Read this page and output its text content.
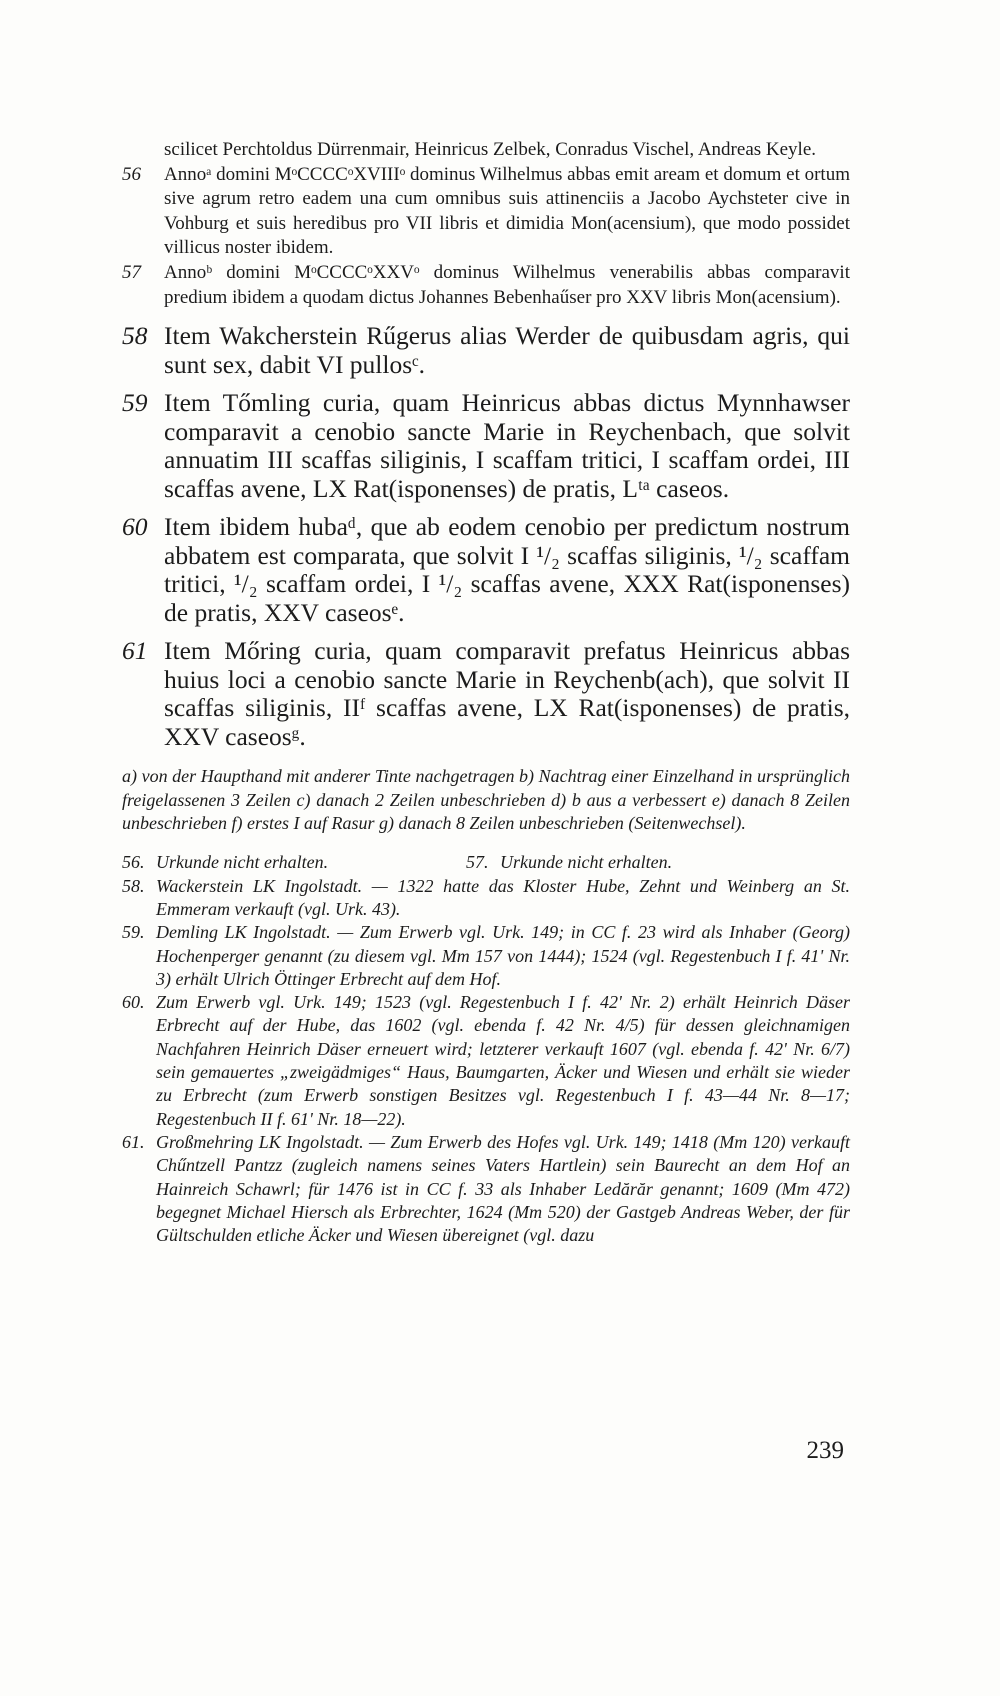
scilicet Perchtoldus Dürrenmair, Heinricus Zelbek, Conradus Vischel, Andreas Keyle.
56 Annoᵃ domini MᵒCCCCᵒXVIIIᵒ dominus Wilhelmus abbas emit aream et domum et ortum sive agrum retro eadem una cum omnibus suis attinenciis a Jacobo Aychsteter cive in Vohburg et suis heredibus pro VII libris et dimidia Mon(acensium), que modo possidet villicus noster ibidem.
57 Annoᵇ domini MᵒCCCCᵒXXVᵒ dominus Wilhelmus venerabilis abbas comparavit predium ibidem a quodam dictus Johannes Bebenhaűser pro XXV libris Mon(acensium).
58 Item Wakcherstein Rűgerus alias Werder de quibusdam agris, qui sunt sex, dabit VI pullosᶜ.
59 Item Tőmling curia, quam Heinricus abbas dictus Mynnhawser comparavit a cenobio sancte Marie in Reychenbach, que solvit annuatim III scaffas siliginis, I scaffam tritici, I scaffam ordei, III scaffas avene, LX Rat(isponenses) de pratis, Lᵗᵃ caseos.
60 Item ibidem hubaᵈ, que ab eodem cenobio per predictum nostrum abbatem est comparata, que solvit I ¹/₂ scaffas siliginis, ¹/₂ scaffam tritici, ¹/₂ scaffam ordei, I ¹/₂ scaffas avene, XXX Rat(isponenses) de pratis, XXV caseosᵉ.
61 Item Mőring curia, quam comparavit prefatus Heinricus abbas huius loci a cenobio sancte Marie in Reychenb(ach), que solvit II scaffas siliginis, IIᶠ scaffas avene, LX Rat(isponenses) de pratis, XXV caseosᵍ.
a) von der Haupthand mit anderer Tinte nachgetragen b) Nachtrag einer Einzelhand in ursprünglich freigelassenen 3 Zeilen c) danach 2 Zeilen unbeschrieben d) b aus a verbessert e) danach 8 Zeilen unbeschrieben f) erstes I auf Rasur g) danach 8 Zeilen unbeschrieben (Seitenwechsel).
56. Urkunde nicht erhalten.	57. Urkunde nicht erhalten.
58. Wackerstein LK Ingolstadt. — 1322 hatte das Kloster Hube, Zehnt und Weinberg an St. Emmeram verkauft (vgl. Urk. 43).
59. Demling LK Ingolstadt. — Zum Erwerb vgl. Urk. 149; in CC f. 23 wird als Inhaber (Georg) Hochenperger genannt (zu diesem vgl. Mm 157 von 1444); 1524 (vgl. Regestenbuch I f. 41' Nr. 3) erhält Ulrich Öttinger Erbrecht auf dem Hof.
60. Zum Erwerb vgl. Urk. 149; 1523 (vgl. Regestenbuch I f. 42' Nr. 2) erhält Heinrich Däser Erbrecht auf der Hube, das 1602 (vgl. ebenda f. 42 Nr. 4/5) für dessen gleichnamigen Nachfahren Heinrich Däser erneuert wird; letzterer verkauft 1607 (vgl. ebenda f. 42' Nr. 6/7) sein gemauertes „zweigädmiges“ Haus, Baumgarten, Äcker und Wiesen und erhält sie wieder zu Erbrecht (zum Erwerb sonstigen Besitzes vgl. Regestenbuch I f. 43—44 Nr. 8—17; Regestenbuch II f. 61' Nr. 18—22).
61. Großmehring LK Ingolstadt. — Zum Erwerb des Hofes vgl. Urk. 149; 1418 (Mm 120) verkauft Chűntzell Pantzz (zugleich namens seines Vaters Hartlein) sein Baurecht an dem Hof an Hainreich Schawrl; für 1476 ist in CC f. 33 als Inhaber Ledărăr genannt; 1609 (Mm 472) begegnet Michael Hiersch als Erbrechter, 1624 (Mm 520) der Gastgeb Andreas Weber, der für Gültschulden etliche Äcker und Wiesen übereignet (vgl. dazu
239
